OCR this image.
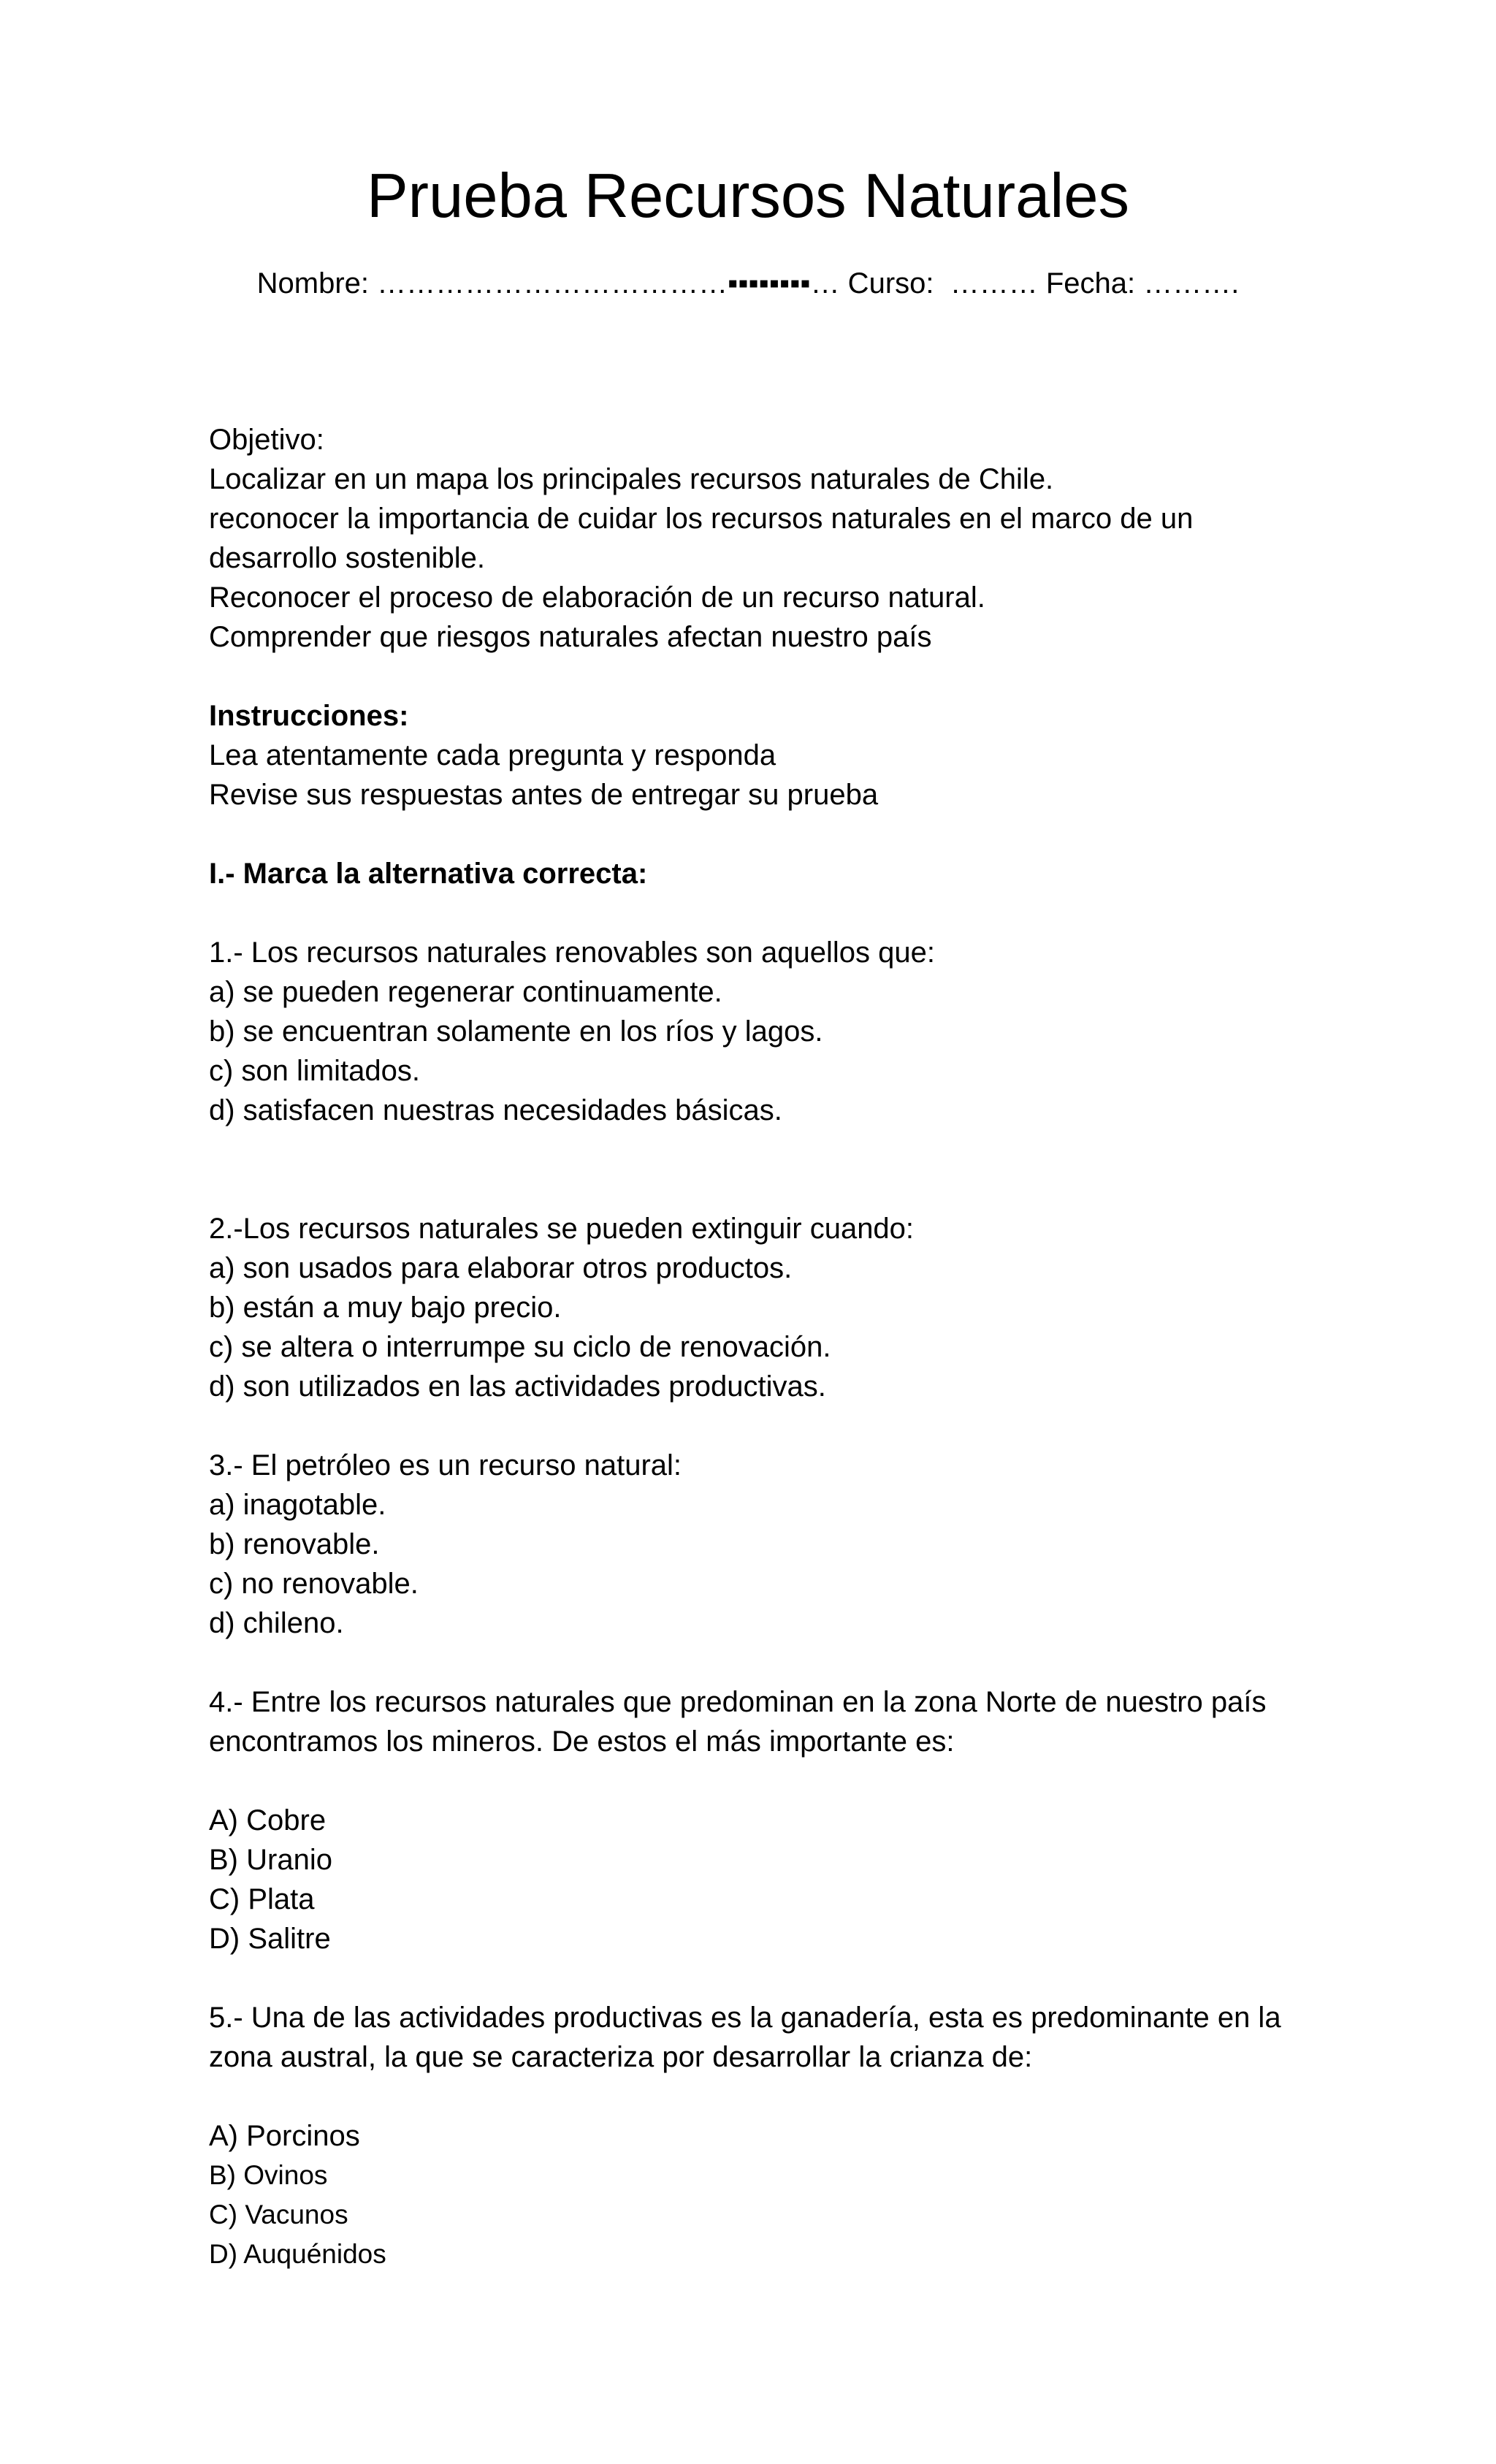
Prueba Recursos Naturales
Nombre: ………………………………▪▪▪▪▪▪▪▪… Curso:  ……… Fecha: ……….

Objetivo:

Localizar en un mapa los principales recursos naturales de Chile.

reconocer la importancia de cuidar los recursos naturales en el marco de un

desarrollo sostenible.

Reconocer el proceso de elaboración de un recurso natural.

Comprender que riesgos naturales afectan nuestro país

Instrucciones:

Lea atentamente cada pregunta y responda

Revise sus respuestas antes de entregar su prueba

I.- Marca la alternativa correcta:

1.- Los recursos naturales renovables son aquellos que:

a) se pueden regenerar continuamente.

b) se encuentran solamente en los ríos y lagos.

c) son limitados.

d) satisfacen nuestras necesidades básicas.

2.-Los recursos naturales se pueden extinguir cuando:

a) son usados para elaborar otros productos.

b) están a muy bajo precio.

c) se altera o interrumpe su ciclo de renovación.

d) son utilizados en las actividades productivas.

3.- El petróleo es un recurso natural:

a) inagotable.

b) renovable.

c) no renovable.

d) chileno.

4.- Entre los recursos naturales que predominan en la zona Norte de nuestro país

encontramos los mineros. De estos el más importante es:

A) Cobre

B) Uranio

C) Plata

D) Salitre

5.- Una de las actividades productivas es la ganadería, esta es predominante en la

zona austral, la que se caracteriza por desarrollar la crianza de:

A) Porcinos

B) Ovinos

C) Vacunos

D) Auquénidos
